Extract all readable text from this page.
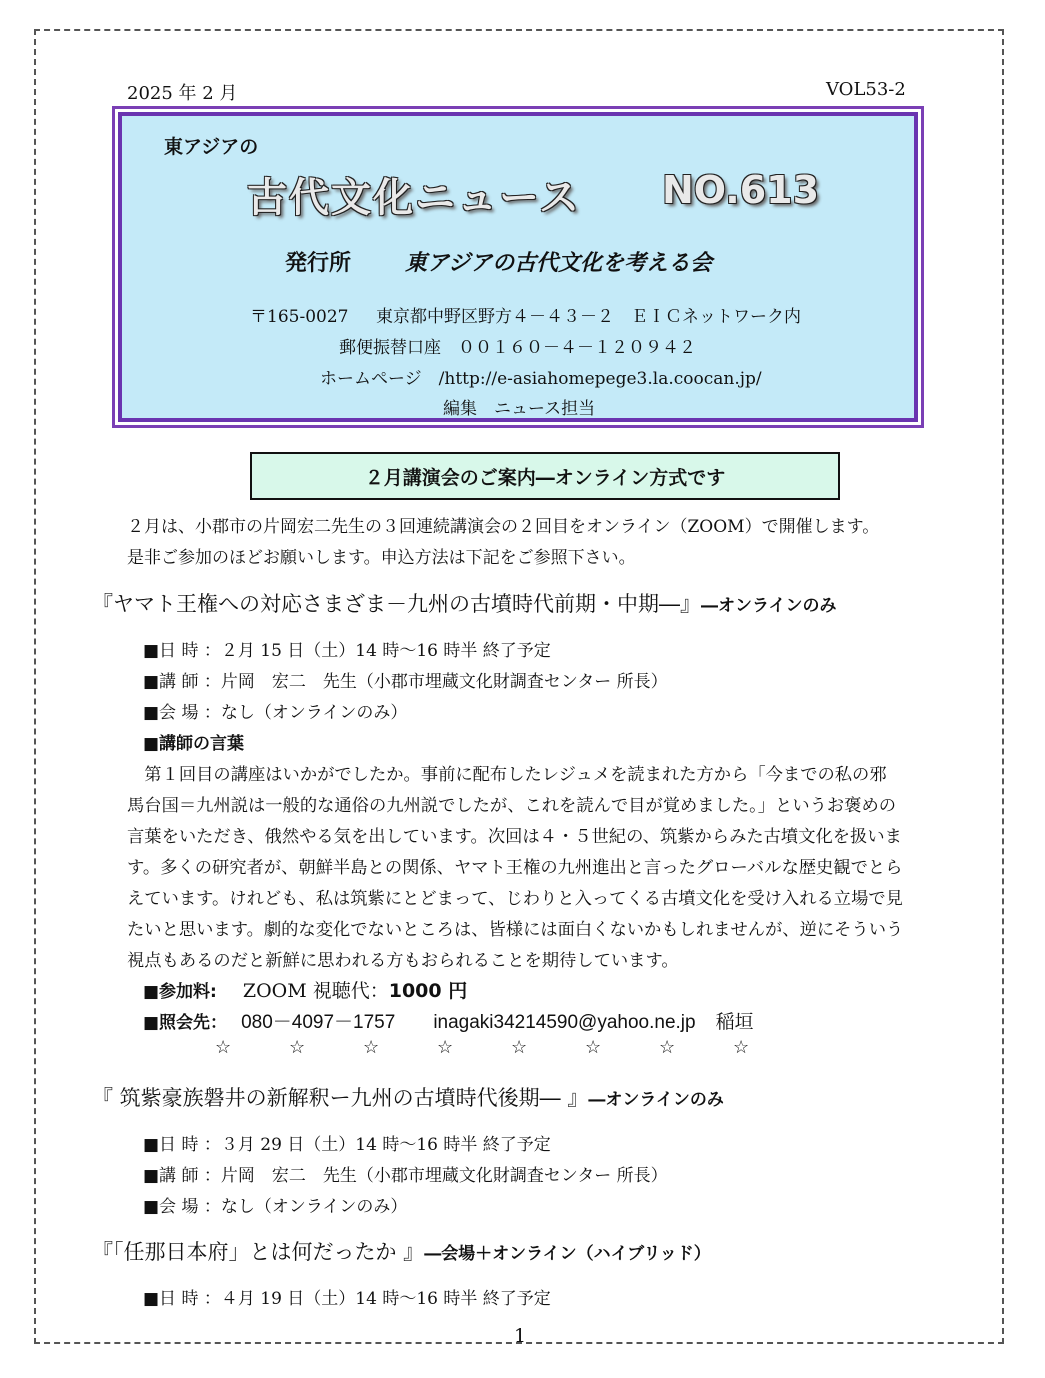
2025 年 2 月	VOL53-2
東アジアの
古代文化ニュース NO.613
発行所 東アジアの古代文化を考える会
〒165-0027 東京都中野区野方４－４３－２　ＥＩＣネットワーク内
郵便振替口座　００１６０－４－１２０９４２
ホームページ　/http://e-asiahomepege3.la.coocan.jp/
編集　ニュース担当
２月講演会のご案内―オンライン方式です
２月は、小郡市の片岡宏二先生の３回連続講演会の２回目をオンライン（ZOOM）で開催します。
是非ご参加のほどお願いします。申込方法は下記をご参照下さい。
『ヤマト王権への対応さまざま－九州の古墳時代前期・中期―』―オンラインのみ
■日 時 ：２月 15 日（土）14 時～16 時半 終了予定
■講 師 ：片岡　宏二　先生（小郡市埋蔵文化財調査センター 所長）
■会 場 ：なし（オンラインのみ）
■講師の言葉
　第１回目の講座はいかがでしたか。事前に配布したレジュメを読まれた方から「今までの私の邪
馬台国＝九州説は一般的な通俗の九州説でしたが、これを読んで目が覚めました。」というお褒めの
言葉をいただき、俄然やる気を出しています。次回は４・５世紀の、筑紫からみた古墳文化を扱いま
す。多くの研究者が、朝鮮半島との関係、ヤマト王権の九州進出と言ったグローバルな歴史観でとら
えています。けれども、私は筑紫にとどまって、じわりと入ってくる古墳文化を受け入れる立場で見
たいと思います。劇的な変化でないところは、皆様には面白くないかもしれませんが、逆にそういう
視点もあるのだと新鮮に思われる方もおられることを期待しています。
■参加料: ZOOM 視聴代：1000 円
■照会先： 080－4097－1757 inagaki34214590@yahoo.ne.jp 稲垣
☆	☆	☆	☆	☆	☆	☆	☆
『 筑紫豪族磐井の新解釈ー九州の古墳時代後期― 』―オンラインのみ
■日 時 ：３月 29 日（土）14 時～16 時半 終了予定
■講 師 ：片岡　宏二　先生（小郡市埋蔵文化財調査センター 所長）
■会 場 ：なし（オンラインのみ）
『「任那日本府」とは何だったか 』―会場＋オンライン（ハイブリッド）
■日 時 ：４月 19 日（土）14 時～16 時半 終了予定
1
